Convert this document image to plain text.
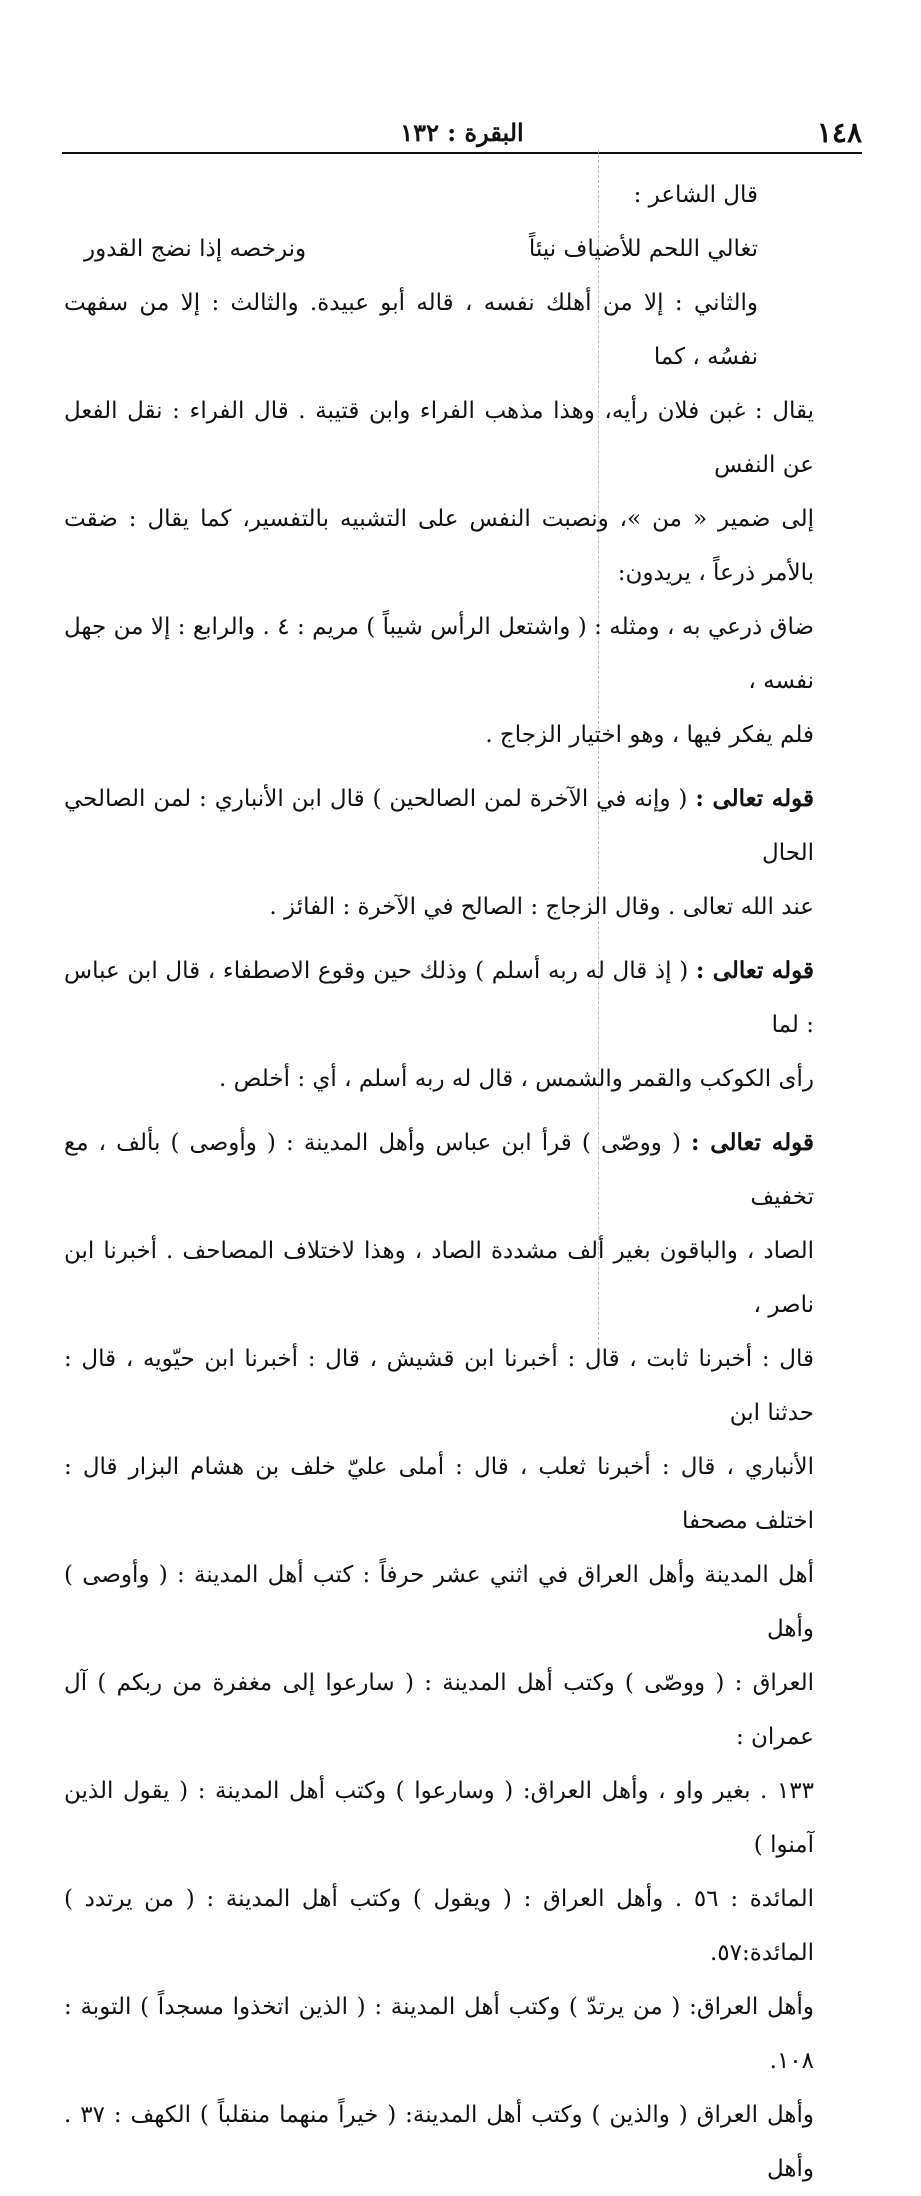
١٤٨
البقرة : ١٣٢

قال الشاعر :

تغالي اللحم للأضياف نيئاً
ونرخصه إذا نضج القدور

والثاني : إلا من أهلك نفسه ، قاله أبو عبيدة. والثالث : إلا من سفهت نفسُه ، كما

يقال : غبن فلان رأيه، وهذا مذهب الفراء وابن قتيبة . قال الفراء : نقل الفعل عن النفس

إلى ضمير « من »، ونصبت النفس على التشبيه بالتفسير، كما يقال : ضقت بالأمر ذرعاً ، يريدون:

ضاق ذرعي به ، ومثله : ( واشتعل الرأس شيباً ) مريم : ٤ . والرابع : إلا من جهل نفسه ،

فلم يفكر فيها ، وهو اختيار الزجاج .

قوله تعالى : ( وإنه في الآخرة لمن الصالحين ) قال ابن الأنباري : لمن الصالحي الحال

عند الله تعالى . وقال الزجاج : الصالح في الآخرة : الفائز .

قوله تعالى : ( إذ قال له ربه أسلم ) وذلك حين وقوع الاصطفاء ، قال ابن عباس : لما

رأى الكوكب والقمر والشمس ، قال له ربه أسلم ، أي : أخلص .

قوله تعالى : ( ووصّى ) قرأ ابن عباس وأهل المدينة : ( وأوصى ) بألف ، مع تخفيف

الصاد ، والباقون بغير ألف مشددة الصاد ، وهذا لاختلاف المصاحف . أخبرنا ابن ناصر ،

قال : أخبرنا ثابت ، قال : أخبرنا ابن قشيش ، قال : أخبرنا ابن حيّويه ، قال : حدثنا ابن

الأنباري ، قال : أخبرنا ثعلب ، قال : أملى عليّ خلف بن هشام البزار قال : اختلف مصحفا

أهل المدينة وأهل العراق في اثني عشر حرفاً : كتب أهل المدينة : ( وأوصى ) وأهل

العراق : ( ووصّى ) وكتب أهل المدينة : ( سارعوا إلى مغفرة من ربكم ) آل عمران :

١٣٣ . بغير واو ، وأهل العراق: ( وسارعوا ) وكتب أهل المدينة : ( يقول الذين آمنوا )

المائدة : ٥٦ . وأهل العراق : ( ويقول ) وكتب أهل المدينة : ( من يرتدد ) المائدة:٥٧.

وأهل العراق: ( من يرتدّ ) وكتب أهل المدينة : ( الذين اتخذوا مسجداً ) التوبة : ١٠٨.

وأهل العراق ( والذين ) وكتب أهل المدينة: ( خيراً منهما منقلباً ) الكهف : ٣٧ . وأهل
